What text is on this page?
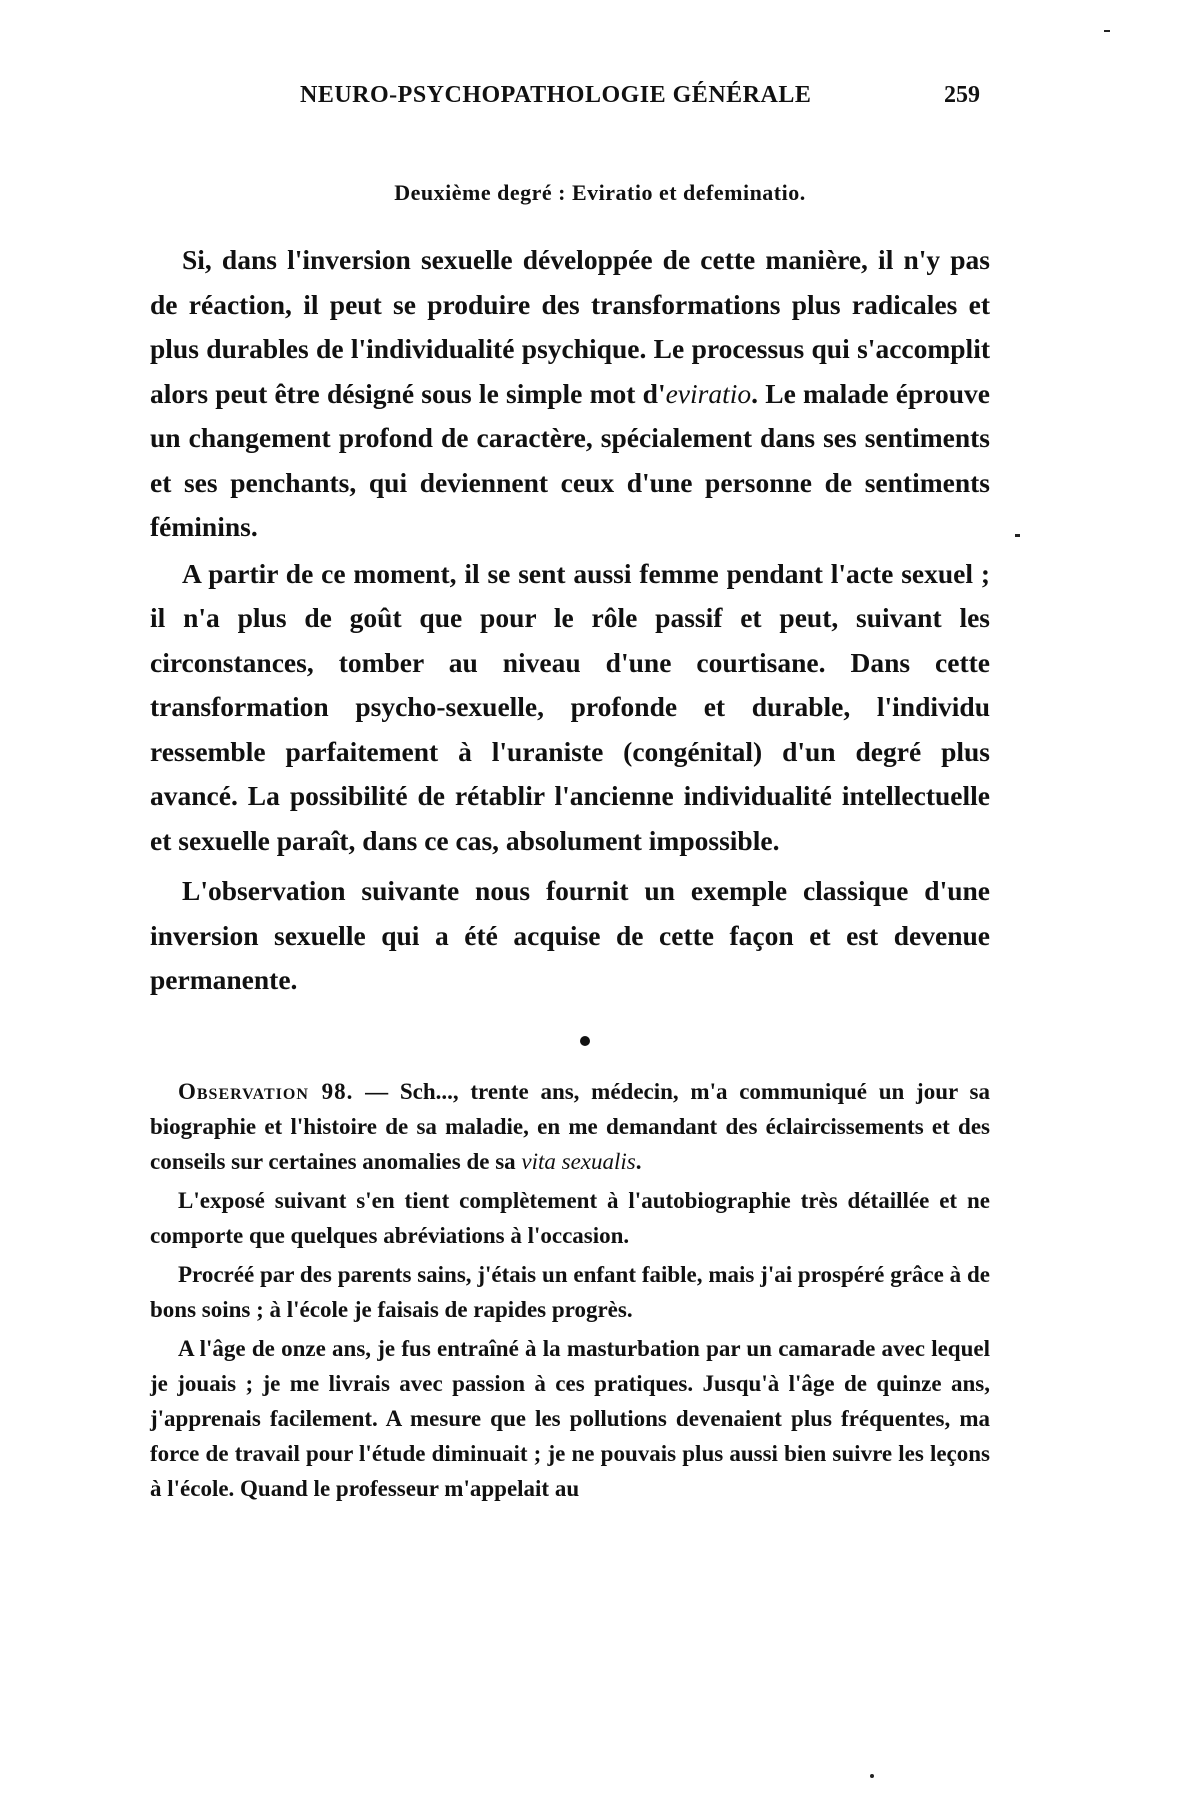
NEURO-PSYCHOPATHOLOGIE GÉNÉRALE	259
Deuxième degré : Eviratio et defeminatio.

Si, dans l'inversion sexuelle développée de cette manière, il n'y pas de réaction, il peut se produire des transformations plus radicales et plus durables de l'individualité psychique. Le processus qui s'accomplit alors peut être désigné sous le simple mot d'eviratio. Le malade éprouve un changement profond de caractère, spécialement dans ses sentiments et ses penchants, qui deviennent ceux d'une personne de sentiments féminins.

A partir de ce moment, il se sent aussi femme pendant l'acte sexuel ; il n'a plus de goût que pour le rôle passif et peut, suivant les circonstances, tomber au niveau d'une courtisane. Dans cette transformation psycho-sexuelle, profonde et durable, l'individu ressemble parfaitement à l'uraniste (congénital) d'un degré plus avancé. La possibilité de rétablir l'ancienne individualité intellectuelle et sexuelle paraît, dans ce cas, absolument impossible.

L'observation suivante nous fournit un exemple classique d'une inversion sexuelle qui a été acquise de cette façon et est devenue permanente.

Observation 98. — Sch..., trente ans, médecin, m'a communiqué un jour sa biographie et l'histoire de sa maladie, en me demandant des éclaircissements et des conseils sur certaines anomalies de sa vita sexualis.

L'exposé suivant s'en tient complètement à l'autobiographie très détaillée et ne comporte que quelques abréviations à l'occasion.

Procréé par des parents sains, j'étais un enfant faible, mais j'ai prospéré grâce à de bons soins ; à l'école je faisais de rapides progrès.

A l'âge de onze ans, je fus entraîné à la masturbation par un camarade avec lequel je jouais ; je me livrais avec passion à ces pratiques. Jusqu'à l'âge de quinze ans, j'apprenais facilement. A mesure que les pollutions devenaient plus fréquentes, ma force de travail pour l'étude diminuait ; je ne pouvais plus aussi bien suivre les leçons à l'école. Quand le professeur m'appelait au
